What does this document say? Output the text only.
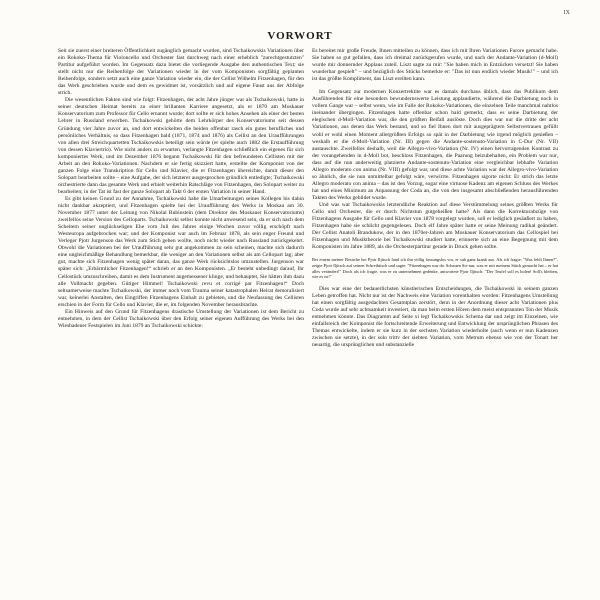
IX
VORWORT

Seit sie zuerst einer breiteren Öffentlichkeit zugänglich gemacht wurden, sind Tschaikowskis Variationen über ein Rokoko-Thema für Violoncello und Orchester fast durchweg nach einer erheblich "zurechtgestutzten" Partitur aufgeführt worden. Im Gegensatz dazu bietet die vorliegende Ausgabe den authentischen Text; sie stellt nicht nur die Reihenfolge der Variationen wieder in der vom Komponisten sorgfältig geplanten Reihenfolge, sondern setzt auch eine ganze Variation wieder ein, die der Cellist Wilhelm Fitzenhagen, für den das Werk geschrieben wurde und dem es gewidmet ist, vorsätzlich und auf eigene Faust aus der Abfolge strich.

Die wesentlichen Fakten sind wie folgt: Fitzenhagen, der acht Jahre jünger war als Tschaikowski, hatte in seiner deutschen Heimat bereits zu einer brillanten Karriere angesetzt, als er 1870 am Moskauer Konservatorium zum Professor für Cello ernannt wurde; dort sollte er sich hohes Ansehen als einer der besten Lehrer in Russland erwerben. Tschaikowski gehörte dem Lehrkörper des Konservatoriums seit dessen Gründung vier Jahre zuvor an, und dort entwickelten die beiden offenbar rasch ein gutes berufliches und persönliches Verhältnis, so dass Fitzenhagen bald (1871, 1874 und 1876) als Cellist an den Uraufführungen von allen drei Streichquartetten Tschaikowskis beteiligt sein würde (er spielte auch 1882 die Erstaufführung von dessen Klaviertrio). Wie nicht anders zu erwarten, verlangte Fitzenhagen schließlich ein eigenes für sich komponiertes Werk, und im Dezember 1876 begann Tschaikowski für den befreundeten Cellisten mit der Arbeit an den Rokoko-Variationen. Nachdem er sie fertig skizziert hatte, erstellte der Komponist von der ganzen Folge eine Transkription für Cello und Klavier, die er Fitzenhagen übereichte, damit dieser den Solopart bearbeiten sollte – eine Aufgabe, der sich letzterer ausgesprochen gründlich entledigte; Tschaikowski orchestrierte dann das gesamte Werk und erhielt weiterhin Ratschläge von Fitzenhagen, den Solopart weiter zu bearbeiten; in der Tat ist fast der ganze Solopart ab Takt 6 der ersten Variation in seiner Hand.

Es gibt keinen Grund zu der Annahme, Tschaikowski habe die Umarbeitungen seines Kollegen bis dahin nicht dankbar akzeptiert, und Fitzenhagen spielte bei der Uraufführung des Werks in Moskau am 30. November 1877 unter der Leitung von Nikolai Rubinstein (dem Direktor des Moskauer Konservatoriums) zweifellos seine Version des Celloparts. Tschaikowski selbst konnte nicht anwesend sein, da er sich nach dem Scheitern seiner unglückseligen Ehe vom Juli des Jahres einige Wochen zuvor völlig erschöpft nach Westeuropa aufgebrochen war; und der Komponist war auch im Februar 1878, als sein enger Freund und Verleger Pjotr Jurgenson das Werk zum Stich geben wollte, noch nicht wieder nach Russland zurückgekehrt. Obwohl die Variationen bei der Uraufführung sehr gut angekommen zu sein scheinen, machte sich dadurch eine ungleichmäßige Behandlung bemerkbar, die weniger an den Variationen selbst als am Cellopart lag; aber gut, machte sich Fitzenhagen wenig später daran, das ganze Werk rücksichtslos umzustellen. Jurgenson war später sich: „Erbärmlicher Fitzenhagen!“ schrieb er an den Komponisten. „Er besteht unbedingt darauf, Ihr Cellostück umzuschreiben, damit es dem Instrument angemessener klinge, und behauptet, Sie hätten ihm dazu alle Vollmacht gegeben. Gütiger Himmel! Tschaikowski revu et corrigé par Fitzenhagen!“ Doch seltsamerweise machte Tschaikowski, der immer noch vom Trauma seiner katastrophalen Heirat demoralisiert war, keinerlei Anstalten, den Eingriffen Fitzenhagens Einhalt zu gebieten, und die Neufassung des Cellisten erschien in der Form für Cello und Klavier, die er, im folgenden November herausbrachte.

Ein Hinweis auf den Grund für Fitzenhagens drastische Umstellung der Variationen ist dem Bericht zu entnehmen, in dem der Cellist Tschaikowski über den Erfolg seiner eigenen Aufführung des Werks bei den Wiesbadener Festspielen im Juni 1879 an Tschaikowski schickte:

Es bereitet mir große Freude, Ihnen mitteilen zu können, dass ich mit Ihren Variationen Furore gemacht habe. Sie haben so gut gefallen, dass ich dreimal zurückgerufen wurde, und nach der Andante-Variation (d-Moll) wurde mir donnernder Applaus zuteil. Liszt sagte zu mir: "Sie haben mich in Entzücken versetzt! Sie haben wunderbar gespielt" – und bezüglich des Stücks bemerkte er: "Das ist nun endlich wieder Musik!" – und ich ist das größte Kompliment, das Liszt ereilten kann.

Im Gegensatz zur modernen Konzertrektite war es damals durchaus üblich, dass das Publikum dem Ausführenden für eine besonders bewundernswerte Leistung applaudierte, während die Darbietung noch in vollem Gange war – selbst wenn, wie im Falle der Rokoko-Variationen, die einzelnen Teile manchmal nahtlos ineinander übergingen. Fitzenhagen hatte offenbar schon bald gemerkt, dass es seine Darbietung der elegischen d-Moll-Variation war, die den größten Beifall auslöste. Doch dies war nur die dritte der acht Variationen, aus denen das Werk bestand, und so fiel Ihnen dort mit ausgeprägtem Selbstvertrauen gefüllt wohl er wohl einen Moment allergrößten Erfolgs so spät in der Darbietung wie irgend möglich genießen – weshalb er die d-Moll-Variation (Nr. III) gegen die Andante-sostenuto-Variation in C-Dur (Nr. VII) austauschte. Zweifellos deshalb, weil die Allegro-vivo-Variation (Nr. IV) einen hervorragenden Kontrast zu der vorangehenden in d-Moll bot, beschloss Fitzenhagen, die Paarung beizubehalten, ein Problem war nur, dass auf die nun anderweitig platzierte Andante-sostenuto-Variation eine vergleichbar lebhafte Variation Allegro moderato con anima (Nr. VIII) gefolgt war, und diese achte Variation war der Allegro-vivo-Variation so ähnlich, die sie nun unmittelbar gefolgt wäre, verwirrte. Fitzenhagen sigorte nicht: Er strich das letzte Allegro moderato con anima – das ist den Vorzug, sogar eine virtuose Kadenz am eigenen Schluss des Werkes hat und eines Minimum an Anpassung der Coda an, die von den insgesamt abschließenden herausführenden Takten des Werks gebildet wurde.

Und was war Tschaikowskis letztendliche Reaktion auf diese Verstümmelung seines größten Werks für Cello und Orchester, die er durch Nichtstun gutgeheißen hatte? Als dann die Korrekturabzüge von Fitzenhagens Ausgabe für Cello und Klavier von 1878 vorgelegt wurden, soll er lediglich gesäußert zu haben, Fitzenhagen habe sie schlicht gegengelesen. Doch elf Jahre später hatte er seine Meinung radikal geändert. Der Cellist Anatoli Brandukow, der in den 1870er-Jahren am Moskauer Konservatorium das Cellospiel bei Fitzenhagen und Musiktheorie bei Tschaikowski studiert hatte, erinnerte sich an eine Begegnung mit dem Komponisten im Jahre 1889, als die Orchesterpartitur gerade in Druck gehen sollte.

Bei einem meiner Besuche bei Pjotr Iljitsch fand ich ihn völlig fassungslos vor, er sah ganz krank aus. Als ich fragte: "Was fehlt Ihnen?", zeigte Pjotr Iljitsch auf seinen Schreibtisch und sagte: "Fitzenhagen war da. Schauen Sie nur, was er mit meinem Stück gemacht hat – er hat alles verändert!" Doch als ich fragte, was er zu unternehmen gedenke, antwortete Pjotr Iljitsch: "Der Teufel soll es holen! Soll's bleiben, wie es ist!"

Dies war eine der bedauerlichsten künstlerischen Entscheidungen, die Tschaikowski in seinem ganzen Leben getroffen hat. Nicht nur ist der Nachweis eine Variation vorenthalten worden: Fitzenhagens Umstellung hat einen sorgfältig ausgedachten Gesamtplan zerstört, denn in der Anordnung dieser acht Variationen plus Coda wurde auf sehr achtsamkeit investiert, da man beim ersten Hören dem meist entsprannten Ton der Musik entnehmen könnte. Das Diagramm auf Seite xi legt Tschaikowskis Schema dar und zeigt im Einzelnen, wie einfallsreich der Komponist die fortschreitende Erweiterung und Entwicklung der ursprünglichen Phrasen des Themas entwickelte, indem er sie kurz in der sechsten Variation wiederholte (auch wenn er nun Kadenzen zwischen sie setzte), in der solo trittv der siebten Variation, vom Metrum ebenso wie von der Tonart her neuartig, die ursprünglichen und substanzielle
